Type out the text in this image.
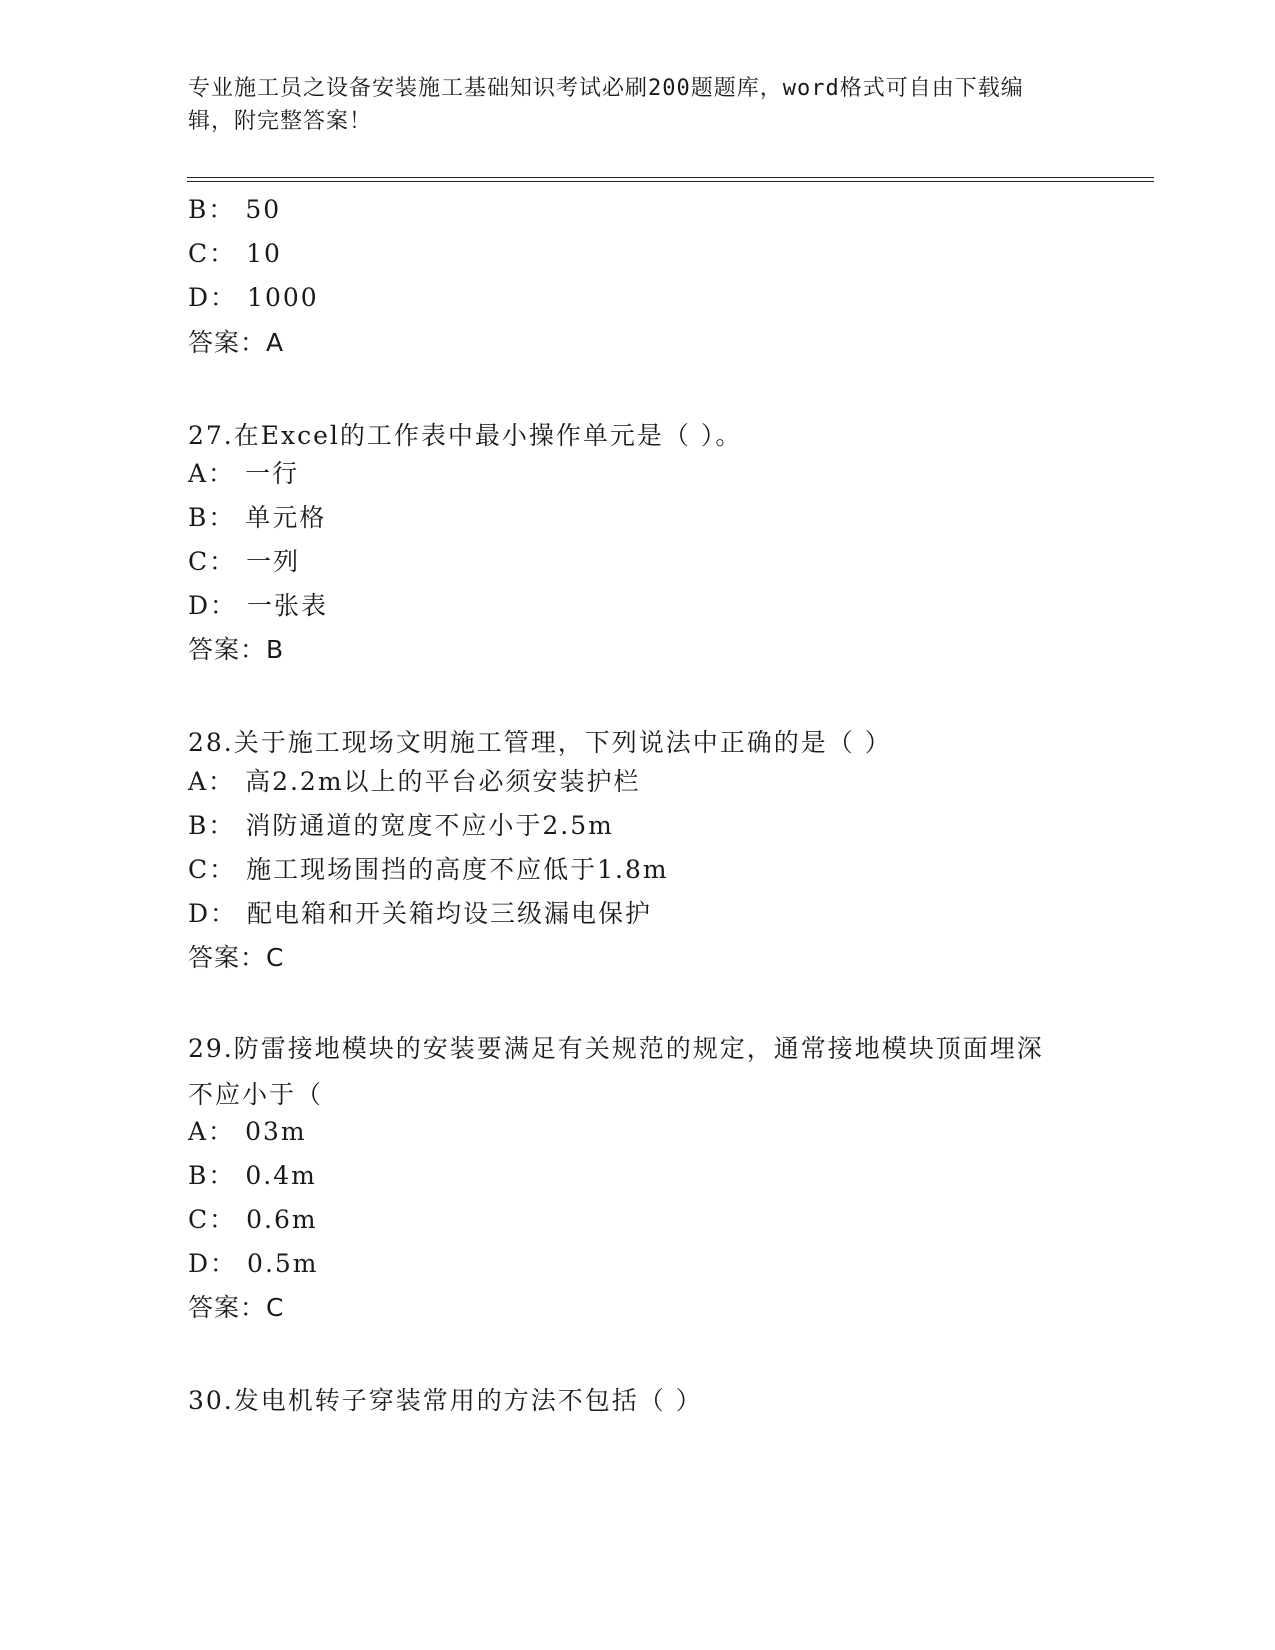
专业施工员之设备安装施工基础知识考试必刷200题题库，word格式可自由下载编辑，附完整答案！
B： 50
C： 10
D： 1000
答案：A
27.在Excel的工作表中最小操作单元是（ ）。
A： 一行
B： 单元格
C： 一列
D： 一张表
答案：B
28.关于施工现场文明施工管理，下列说法中正确的是（ ）
A： 高2.2m以上的平台必须安装护栏
B： 消防通道的宽度不应小于2.5m
C： 施工现场围挡的高度不应低于1.8m
D： 配电箱和开关箱均设三级漏电保护
答案：C
29.防雷接地模块的安装要满足有关规范的规定，通常接地模块顶面埋深不应小于（
A： 03m
B： 0.4m
C： 0.6m
D： 0.5m
答案：C
30.发电机转子穿装常用的方法不包括（ ）
